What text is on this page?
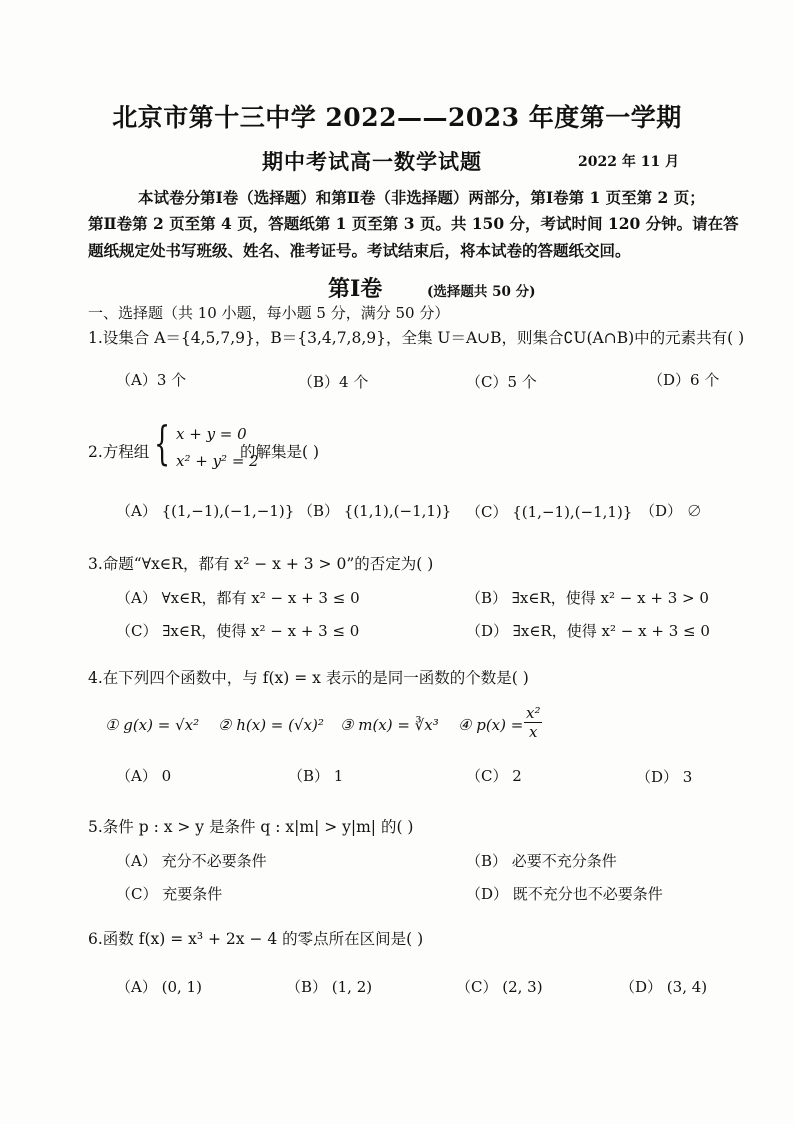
北京市第十三中学 2022——2023 年度第一学期
期中考试高一数学试题	2022 年 11 月
本试卷分第Ⅰ卷（选择题）和第Ⅱ卷（非选择题）两部分，第Ⅰ卷第 1 页至第 2 页；
第Ⅱ卷第 2 页至第 4 页，答题纸第 1 页至第 3 页。共 150 分，考试时间 120 分钟。请在答
题纸规定处书写班级、姓名、准考证号。考试结束后，将本试卷的答题纸交回。
第Ⅰ卷	(选择题共 50 分)
一、选择题（共 10 小题，每小题 5 分，满分 50 分）
1.设集合 A＝{4,5,7,9}，B＝{3,4,7,8,9}，全集 U＝A∪B，则集合∁U(A∩B)中的元素共有( )
（A）3 个	（B）4 个	（C）5 个	（D）6 个
2.方程组 { x + y = 0
x² + y² = 2
的解集是( )
（A） {(1,−1),(−1,−1)} （B） {(1,1),(−1,1)} （C） {(1,−1),(−1,1)} （D） ∅
3.命题“∀x∈R，都有 x² − x + 3 > 0”的否定为( )
（A） ∀x∈R，都有 x² − x + 3 ≤ 0	（B） ∃x∈R，使得 x² − x + 3 > 0
（C） ∃x∈R，使得 x² − x + 3 ≤ 0	（D） ∃x∈R，使得 x² − x + 3 ≤ 0
4.在下列四个函数中，与 f(x) = x 表示的是同一函数的个数是( )
① g(x) = √x² ② h(x) = (√x)² ③ m(x) = ∛x³ ④ $p(x) = \frac{\text{x²}}{x}$
（A） 0	（B） 1	（C） 2	（D） 3
5.条件 p : x > y 是条件 q : x|m| > y|m| 的( )
（A） 充分不必要条件	（B） 必要不充分条件
（C） 充要条件	（D） 既不充分也不必要条件
6.函数 f(x) = x³ + 2x − 4 的零点所在区间是( )
（A） (0, 1)	（B） (1, 2)	（C） (2, 3)	（D） (3, 4)
